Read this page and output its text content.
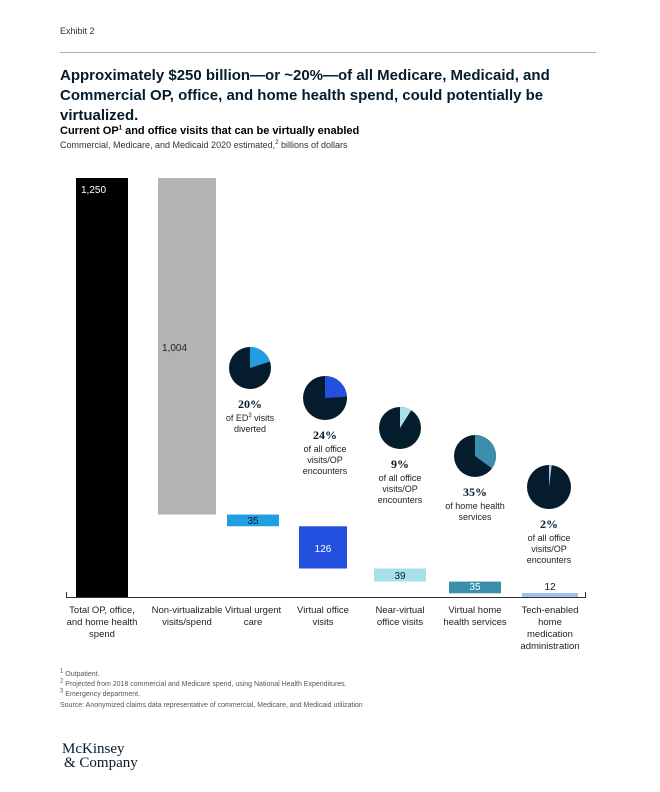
Exhibit 2
Approximately $250 billion—or ~20%—of all Medicare, Medicaid, and Commercial OP, office, and home health spend, could potentially be virtualized.
Current $OP^1$ and office visits that can be virtually enabled
Commercial, Medicare, and Medicaid 2020 estimated,$^2$ billions of dollars
1,250
1,004
35
126
39
35	12
20%
of $ED^3$ visits diverted	24%
of all office visits/OP encounters	9%
of all office visits/OP encounters
35%
of home health services	2%
of all office visits/OP encounters
Total OP, office, and home health spend
Non-virtualizable visits/spend
Virtual urgent care
Virtual office visits
Near-virtual office visits
Virtual home health services
Tech-enabled home medication administration
$^1$ Outpatient.
$^2$ Projected from 2018 commercial and Medicare spend, using National Health Expenditures.
$^3$ Emergency department.
Source: Anonymized claims data representative of commercial, Medicare, and Medicaid utilization
McKinsey
& Company
